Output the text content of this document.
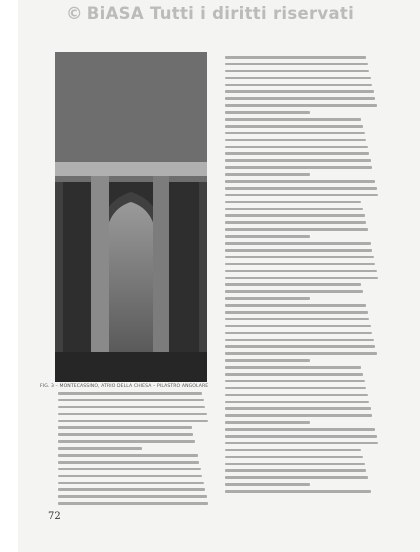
© BiASA Tutti i diritti riservati
FIG. 3 – MONTECASSINO, ATRIO DELLA CHIESA – PILASTRO ANGOLARE
72
